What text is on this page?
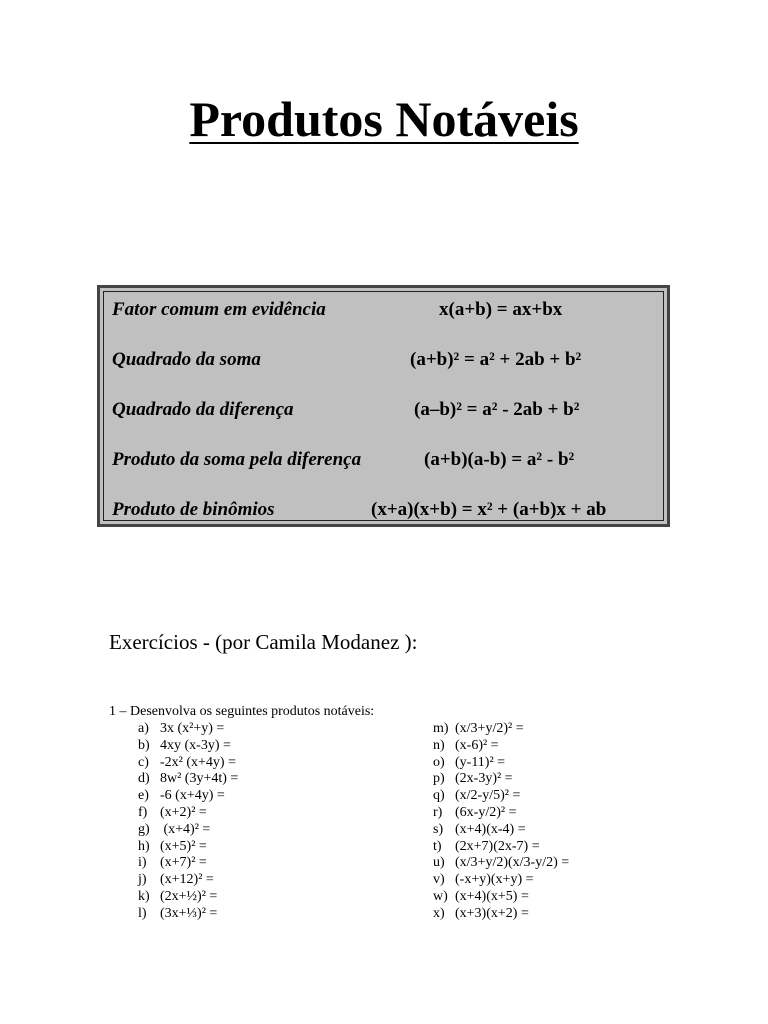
Produtos Notáveis
Fator comum em evidência	x(a+b) = ax+bx
Quadrado da soma	(a+b)² = a² + 2ab + b²
Quadrado da diferença	(a–b)² = a² - 2ab + b²
Produto da soma pela diferença	(a+b)(a-b) = a² - b²
Produto de binômios	(x+a)(x+b) = x² + (a+b)x + ab
Exercícios - (por Camila Modanez ):
1 – Desenvolva os seguintes produtos notáveis:
a) 3x (x²+y) =
b) 4xy (x-3y) =
c) -2x² (x+4y) =
d) 8w² (3y+4t) =
e) -6 (x+4y) =
f) (x+2)² =
g) (x+4)² =
h) (x+5)² =
i) (x+7)² =
j) (x+12)² =
k) (2x+½)² =
l) (3x+⅓)² =
m) (x/3+y/2)² =
n) (x-6)² =
o) (y-11)² =
p) (2x-3y)² =
q) (x/2-y/5)² =
r) (6x-y/2)² =
s) (x+4)(x-4) =
t) (2x+7)(2x-7) =
u) (x/3+y/2)(x/3-y/2) =
v) (-x+y)(x+y) =
w) (x+4)(x+5) =
x) (x+3)(x+2) =
